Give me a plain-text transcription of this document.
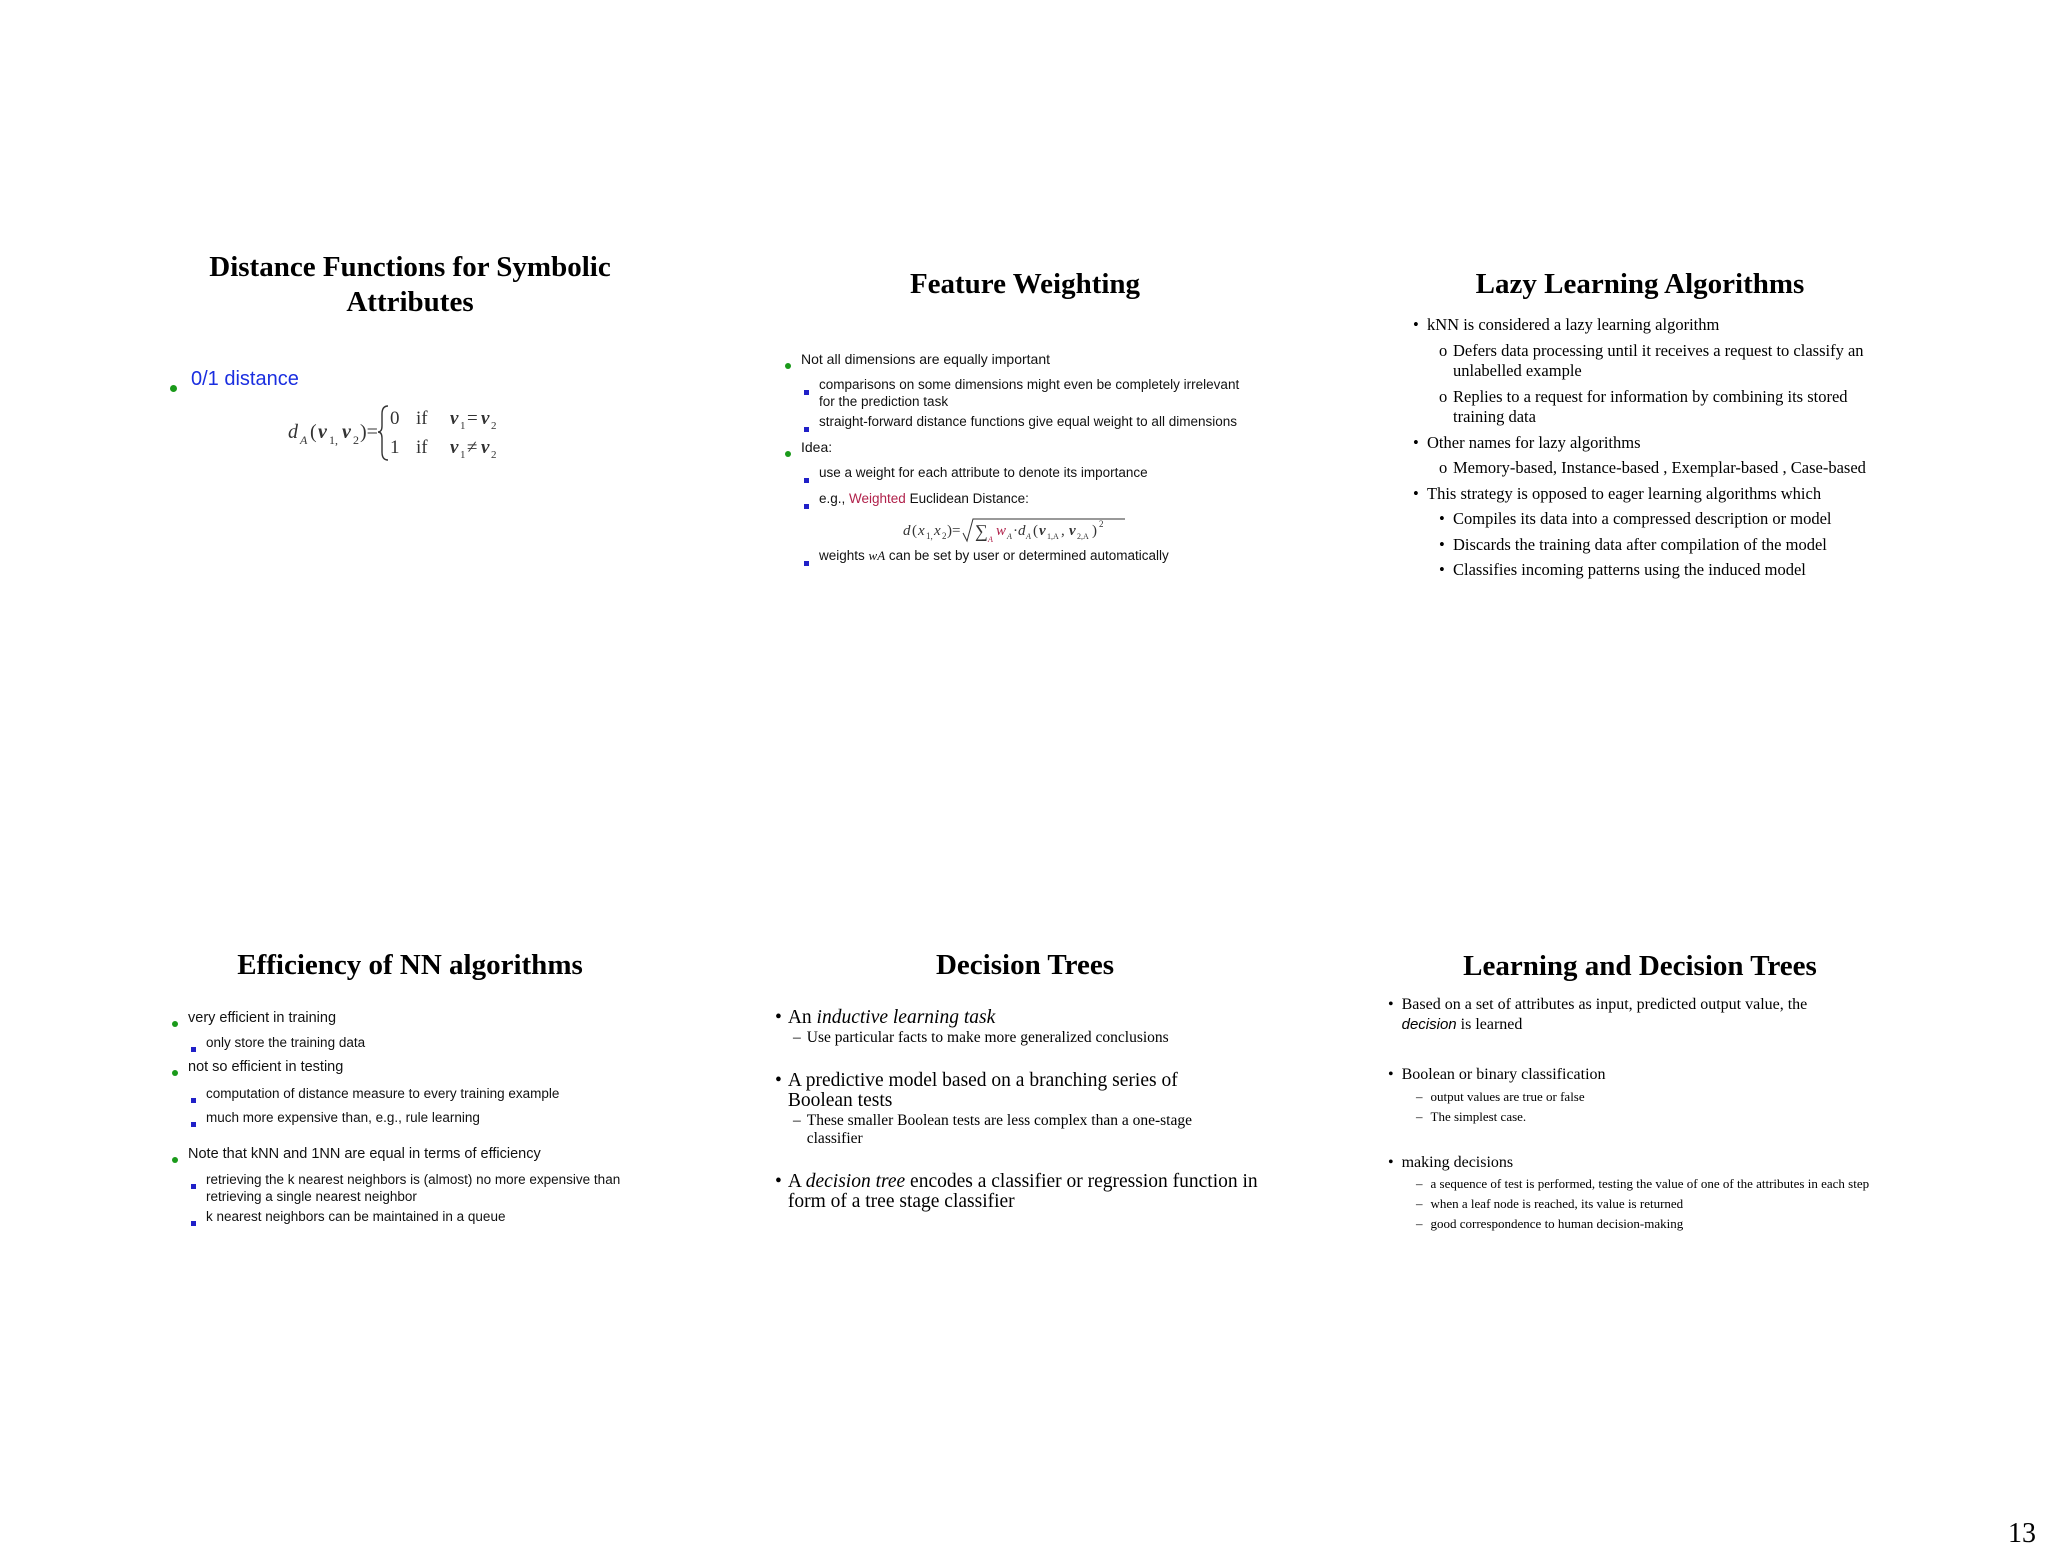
Distance Functions for Symbolic
Attributes
0/1 distance
d A ( v 1, v 2 )=
0 if v 1 = v 2
1 if v 1 ≠ v 2
Feature Weighting
Not all dimensions are equally important
comparisons on some dimensions might even be completely irrelevant for the prediction task
straight-forward distance functions give equal weight to all dimensions
Idea:
use a weight for each attribute to denote its importance
e.g., Weighted Euclidean Distance:
d ( x 1, x 2 )= ∑ A
w A · d A ( v 1,A , v 2,A ) 2
weights wA can be set by user or determined automatically
Lazy Learning Algorithms
• kNN is considered a lazy learning algorithm
o Defers data processing until it receives a request to classify an unlabelled example
o Replies to a request for information by combining its stored training data
• Other names for lazy algorithms
o Memory-based, Instance-based , Exemplar-based , Case-based
• This strategy is opposed to eager learning algorithms which
• Compiles its data into a compressed description or model
• Discards the training data after compilation of the model
• Classifies incoming patterns using the induced model
Efficiency of NN algorithms
very efficient in training
only store the training data
not so efficient in testing
computation of distance measure to every training example
much more expensive than, e.g., rule learning
Note that kNN and 1NN are equal in terms of efficiency
retrieving the k nearest neighbors is (almost) no more expensive than retrieving a single nearest neighbor
k nearest neighbors can be maintained in a queue
Decision Trees
• An inductive learning task
– Use particular facts to make more generalized conclusions
• A predictive model based on a branching series of Boolean tests
– These smaller Boolean tests are less complex than a one-stage classifier
• A decision tree encodes a classifier or regression function in form of a tree stage classifier
Learning and Decision Trees
• Based on a set of attributes as input, predicted output value, the
decision is learned
• Boolean or binary classification
– output values are true or false
– The simplest case.
• making decisions
– a sequence of test is performed, testing the value of one of the attributes in each step
– when a leaf node is reached, its value is returned
– good correspondence to human decision-making
13
